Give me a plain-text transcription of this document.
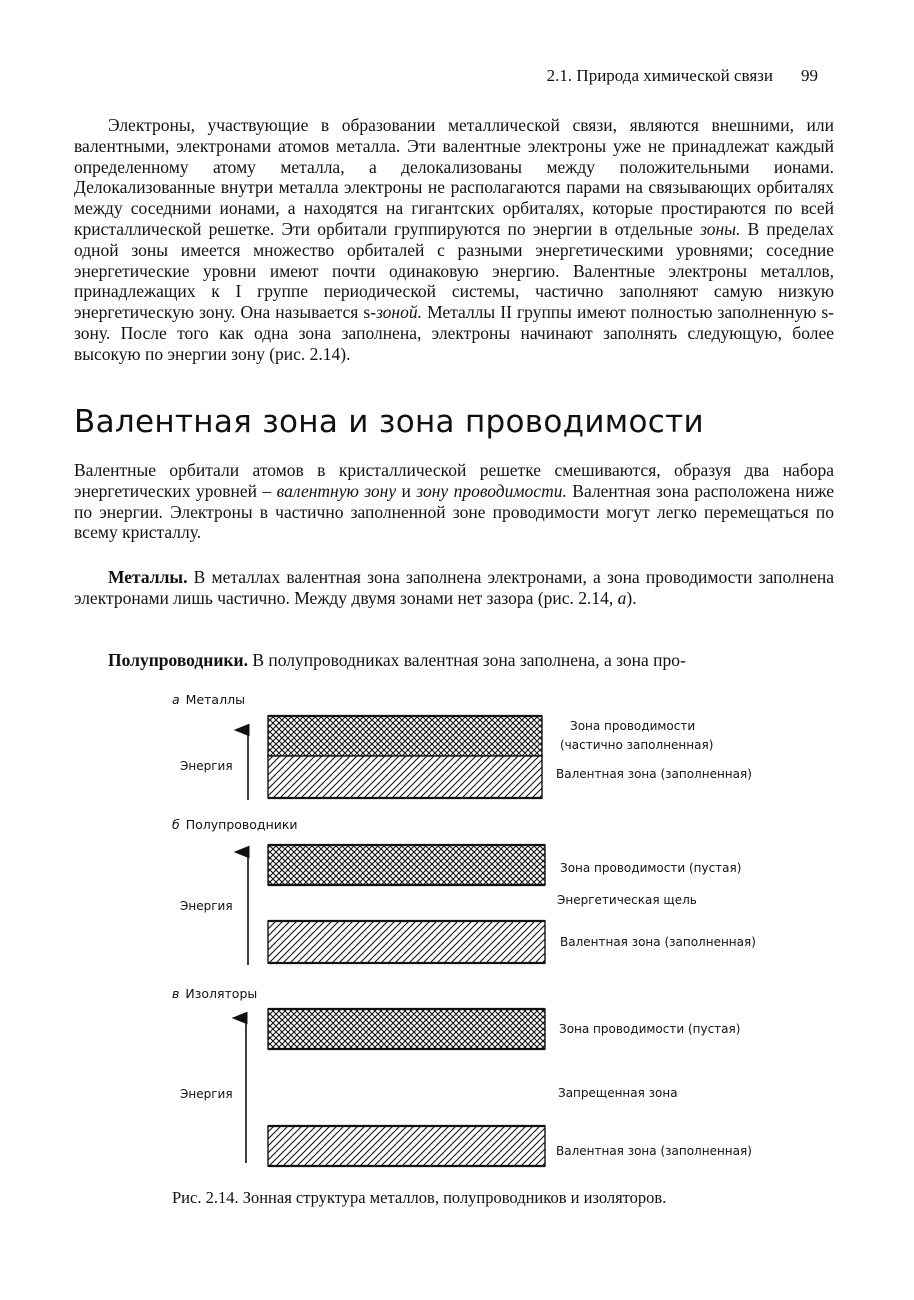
2.1. Природа химической связи 99

Электроны, участвующие в образовании металлической связи, являются внешними, или валентными, электронами атомов металла. Эти валентные электроны уже не принадлежат каждый определенному атому металла, а делокализованы между положительными ионами. Делокализованные внутри металла электроны не располагаются парами на связывающих орбиталях между соседними ионами, а находятся на гигантских орбиталях, которые простираются по всей кристаллической решетке. Эти орбитали группируются по энергии в отдельные зоны. В пределах одной зоны имеется множество орбиталей с разными энергетическими уровнями; соседние энергетические уровни имеют почти одинаковую энергию. Валентные электроны металлов, принадлежащих к I группе периодической системы, частично заполняют самую низкую энергетическую зону. Она называется s-зоной. Металлы II группы имеют полностью заполненную s-зону. После того как одна зона заполнена, электроны начинают заполнять следующую, более высокую по энергии зону (рис. 2.14).

Валентная зона и зона проводимости

Валентные орбитали атомов в кристаллической решетке смешиваются, образуя два набора энергетических уровней – валентную зону и зону проводимости. Валентная зона расположена ниже по энергии. Электроны в частично заполненной зоне проводимости могут легко перемещаться по всему кристаллу.

Металлы. В металлах валентная зона заполнена электронами, а зона проводимости заполнена электронами лишь частично. Между двумя зонами нет зазора (рис. 2.14, а).

Полупроводники. В полупроводниках валентная зона заполнена, а зона про-

а Металлы
Энергия
Зона проводимости
(частично заполненная)
Валентная зона (заполненная)
б Полупроводники
Энергия
Зона проводимости (пустая)
Энергетическая щель
Валентная зона (заполненная)
в Изоляторы
Энергия
Зона проводимости (пустая)
Запрещенная зона
Валентная зона (заполненная)
Рис. 2.14. Зонная структура металлов, полупроводников и изоляторов.
